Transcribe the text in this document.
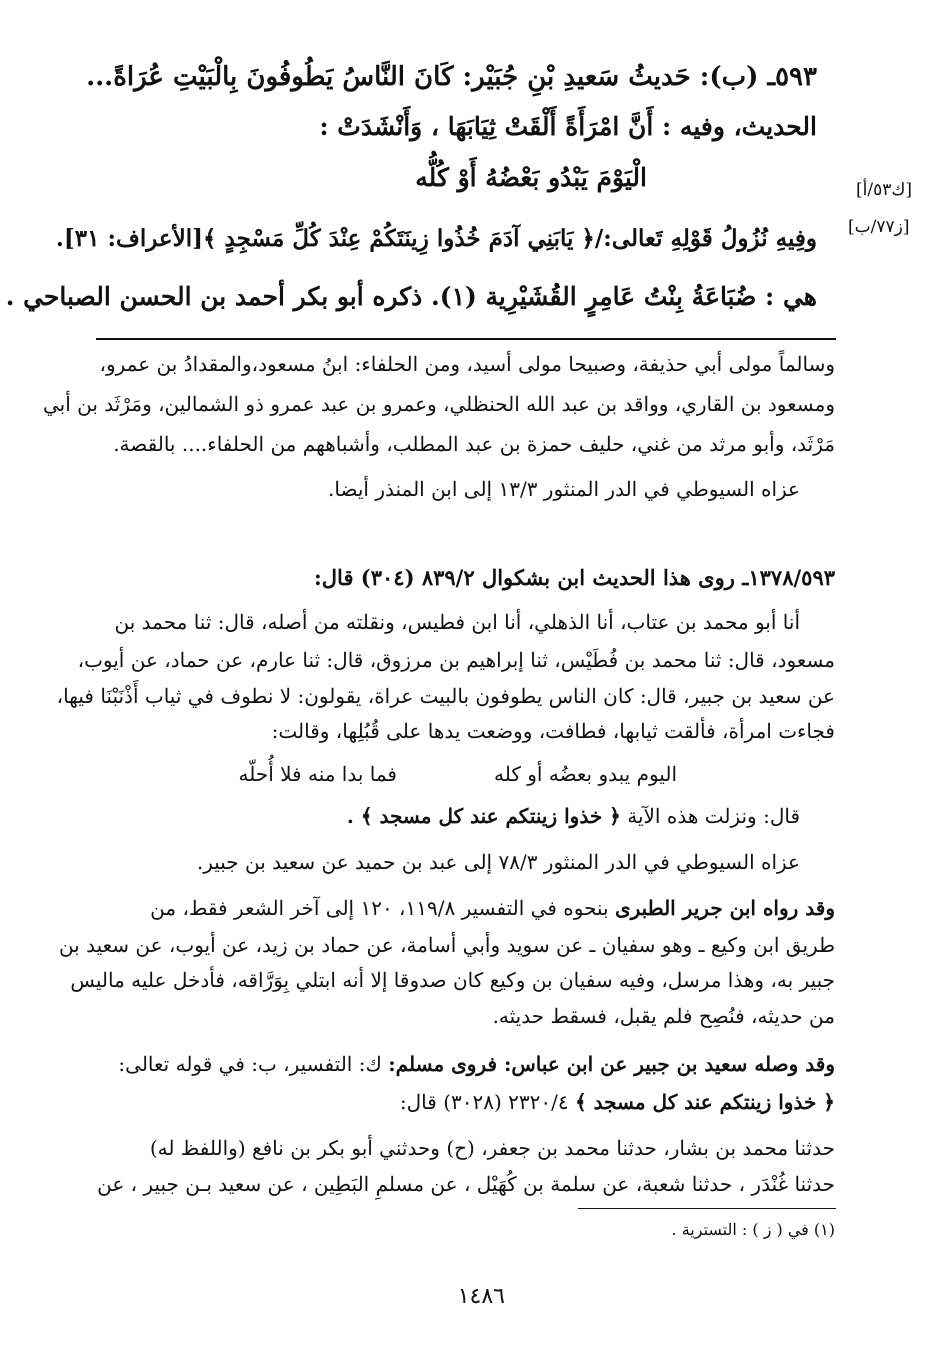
٥٩٣ـ (ب): حَديثُ سَعيدِ بْنِ جُبَيْر: كَانَ النَّاسُ يَطُوفُونَ بِالْبَيْتِ عُرَاةً...
الحديث، وفيه : أَنَّ امْرَأَةً أَلْقَتْ ثِيَابَهَا ، وَأَنْشَدَتْ :
الْيَوْمَ يَبْدُو بَعْضُهُ أَوْ كُلُّه
وفِيهِ نُزُولُ قَوْلِهِ تَعالى:/﴿ يَابَنِي آدَمَ خُذُوا زِينَتَكُمْ عِنْدَ كُلِّ مَسْجِدٍ ﴾[الأعراف: ٣١].
هي : ضُبَاعَةُ بِنْتُ عَامِرٍ القُشَيْرِية (١). ذكره أبو بكر أحمد بن الحسن الصباحي .
[ك٥٣/أ]
[ز٧٧/ب]
وسالماً مولى أبي حذيفة، وصبيحا مولى أسيد، ومن الحلفاء: ابنُ مسعود،والمقدادُ بن عمرو،
ومسعود بن القاري، وواقد بن عبد الله الحنظلي، وعمرو بن عبد عمرو ذو الشمالين، ومَرْثَد بن أبي
مَرْثَد، وأبو مرثد من غني، حليف حمزة بن عبد المطلب، وأشباههم من الحلفاء.... بالقصة.
عزاه السيوطي في الدر المنثور ١٣/٣ إلى ابن المنذر أيضا.
١٣٧٨/٥٩٣ـ روى هذا الحديث ابن بشكوال ٨٣٩/٢ (٣٠٤) قال:
أنا أبو محمد بن عتاب، أنا الذهلي، أنا ابن فطيس، ونقلته من أصله، قال: ثنا محمد بن
مسعود، قال: ثنا محمد بن فُطَيْس، ثنا إبراهيم بن مرزوق، قال: ثنا عارم، عن حماد، عن أيوب،
عن سعيد بن جبير، قال: كان الناس يطوفون بالبيت عراة، يقولون: لا نطوف في ثياب أَذْنَبْنَا فيها،
فجاءت امرأة، فألقت ثيابها، فطافت، ووضعت يدها على قُبُلِها، وقالت:
اليوم يبدو بعضُه أو كله
فما بدا منه فلا أُحلّه
قال: ونزلت هذه الآية ﴿ خذوا زينتكم عند كل مسجد ﴾ .
عزاه السيوطي في الدر المنثور ٧٨/٣ إلى عبد بن حميد عن سعيد بن جبير.
وقد رواه ابن جرير الطبرى بنحوه في التفسير ١١٩/٨، ١٢٠ إلى آخر الشعر فقط، من
طريق ابن وكيع ـ وهو سفيان ـ عن سويد وأبي أسامة، عن حماد بن زيد، عن أيوب، عن سعيد بن
جبير به، وهذا مرسل، وفيه سفيان بن وكيع كان صدوقا إلا أنه ابتلي بِوَرَّاقه، فأدخل عليه ماليس
من حديثه، فنُصِح فلم يقبل، فسقط حديثه.
وقد وصله سعيد بن جبير عن ابن عباس: فروى مسلم: ك: التفسير، ب: في قوله تعالى:
﴿ خذوا زينتكم عند كل مسجد ﴾ ٢٣٢٠/٤ (٣٠٢٨) قال:
حدثنا محمد بن بشار، حدثنا محمد بن جعفر، (ح) وحدثني أبو بكر بن نافع (واللفظ له)
حدثنا غُنْدَر ، حدثنا شعبة، عن سلمة بن كُهَيْل ، عن مسلمِ البَطِين ، عن سعيد بـن جبير ، عن
(١) في ( ز ) : التسترية .
١٤٨٦
